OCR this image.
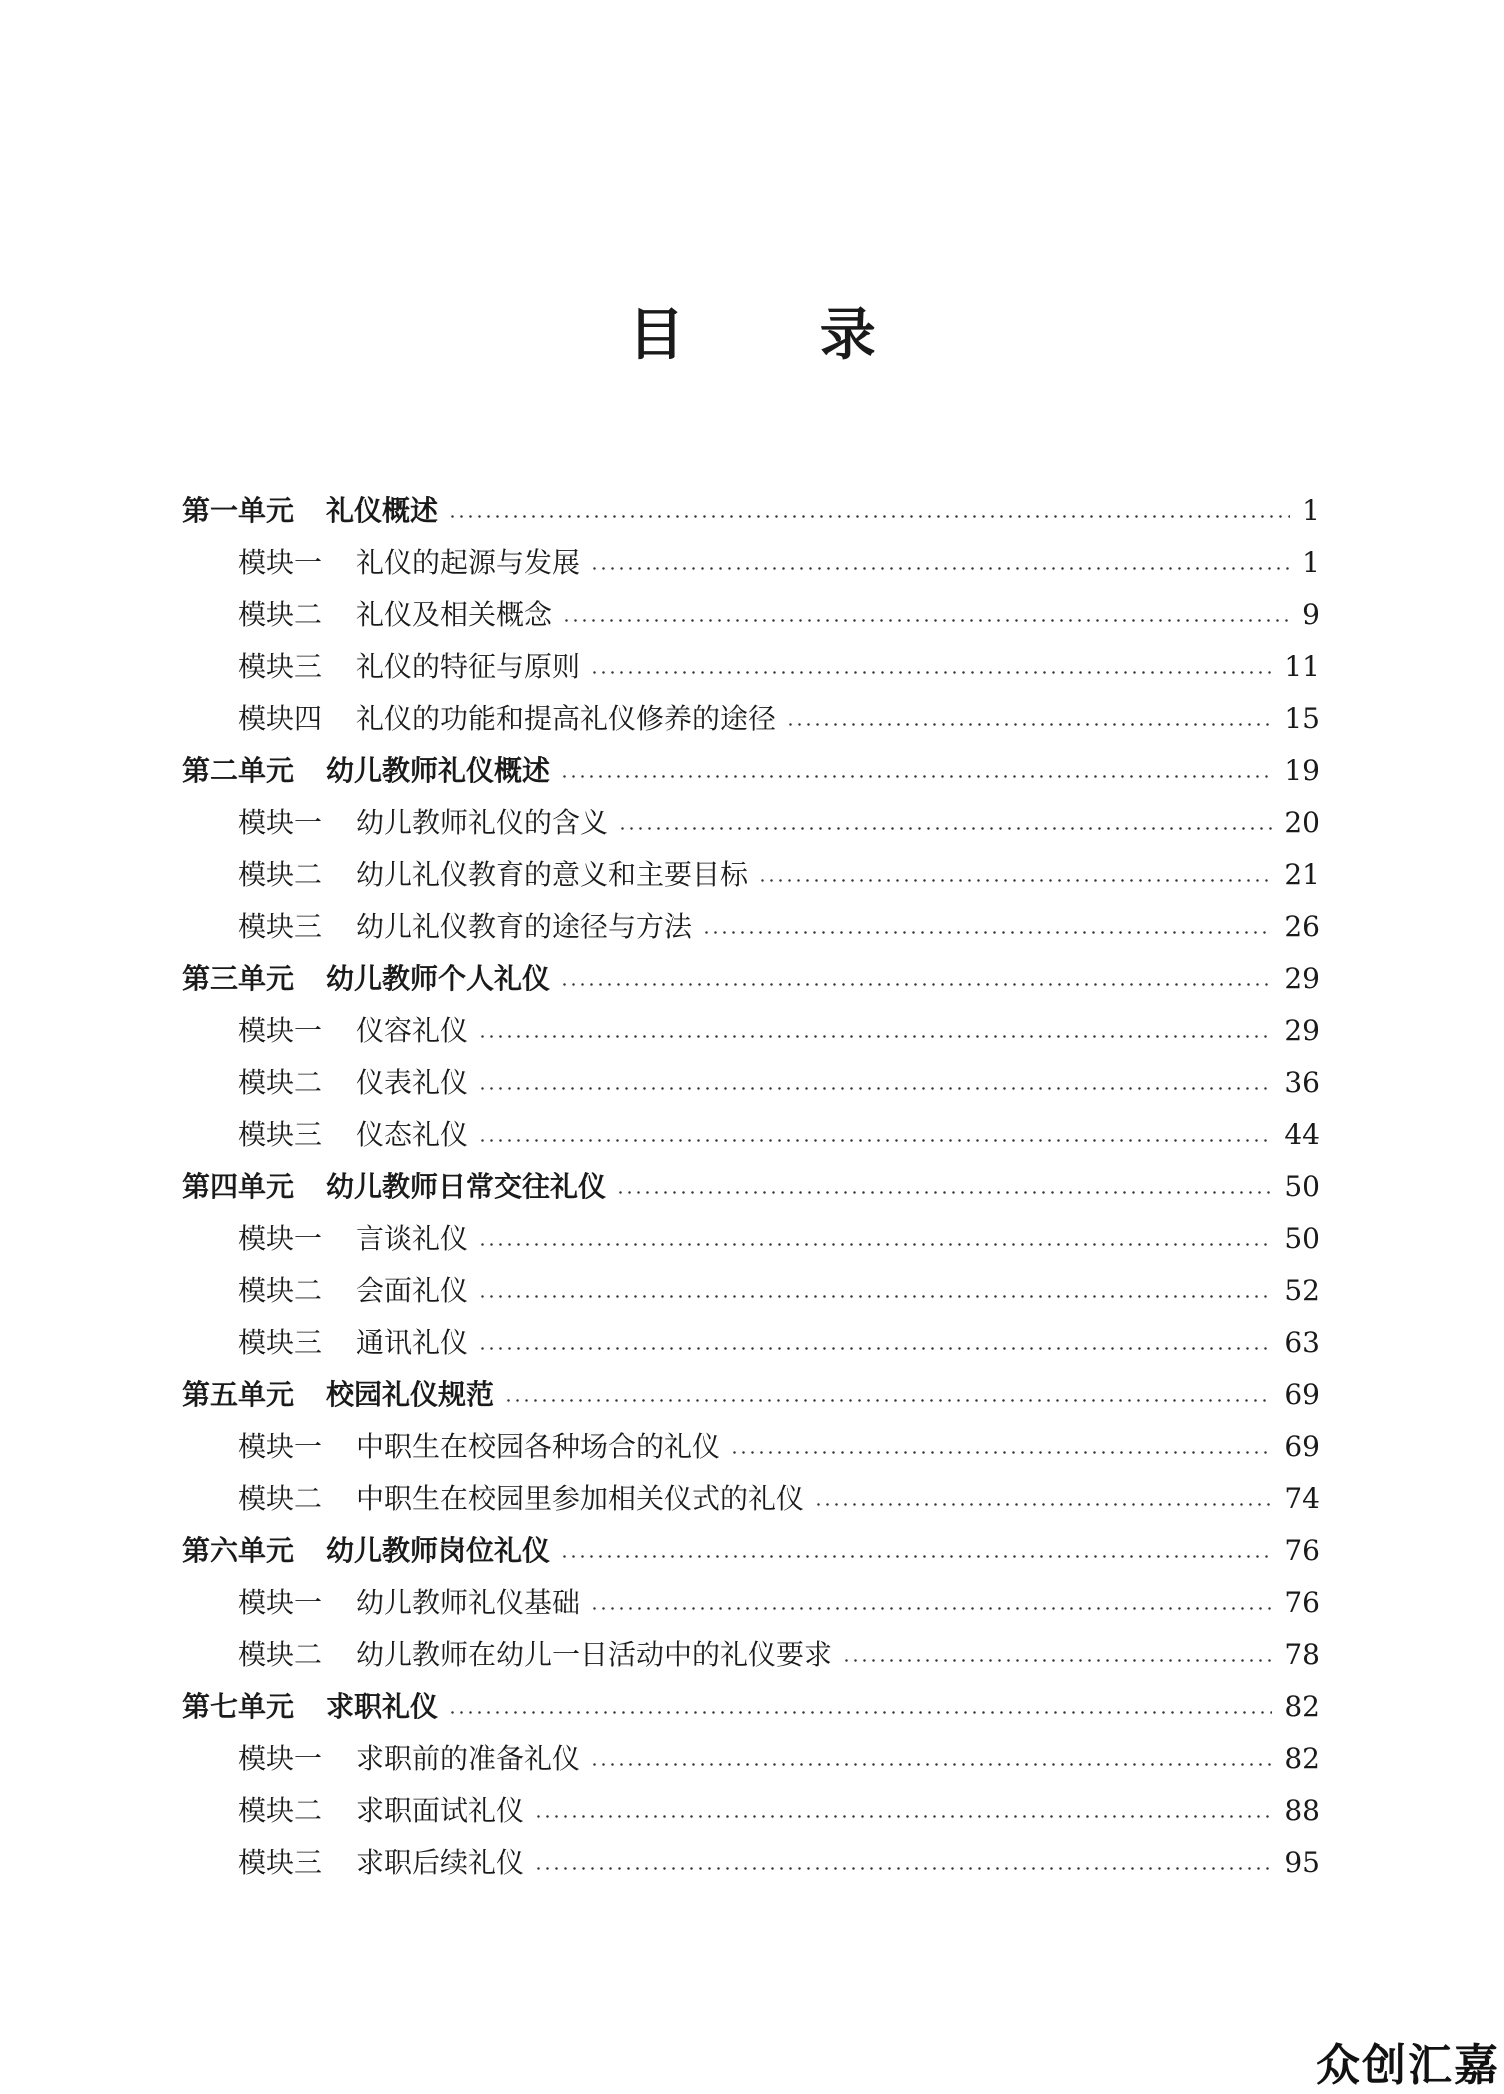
目 录
第一单元	礼仪概述	1
模块一	礼仪的起源与发展	1
模块二	礼仪及相关概念	9
模块三	礼仪的特征与原则	11
模块四	礼仪的功能和提高礼仪修养的途径	15
第二单元	幼儿教师礼仪概述	19
模块一	幼儿教师礼仪的含义	20
模块二	幼儿礼仪教育的意义和主要目标	21
模块三	幼儿礼仪教育的途径与方法	26
第三单元	幼儿教师个人礼仪	29
模块一	仪容礼仪	29
模块二	仪表礼仪	36
模块三	仪态礼仪	44
第四单元	幼儿教师日常交往礼仪	50
模块一	言谈礼仪	50
模块二	会面礼仪	52
模块三	通讯礼仪	63
第五单元	校园礼仪规范	69
模块一	中职生在校园各种场合的礼仪	69
模块二	中职生在校园里参加相关仪式的礼仪	74
第六单元	幼儿教师岗位礼仪	76
模块一	幼儿教师礼仪基础	76
模块二	幼儿教师在幼儿一日活动中的礼仪要求	78
第七单元	求职礼仪	82
模块一	求职前的准备礼仪	82
模块二	求职面试礼仪	88
模块三	求职后续礼仪	95
众创汇嘉
